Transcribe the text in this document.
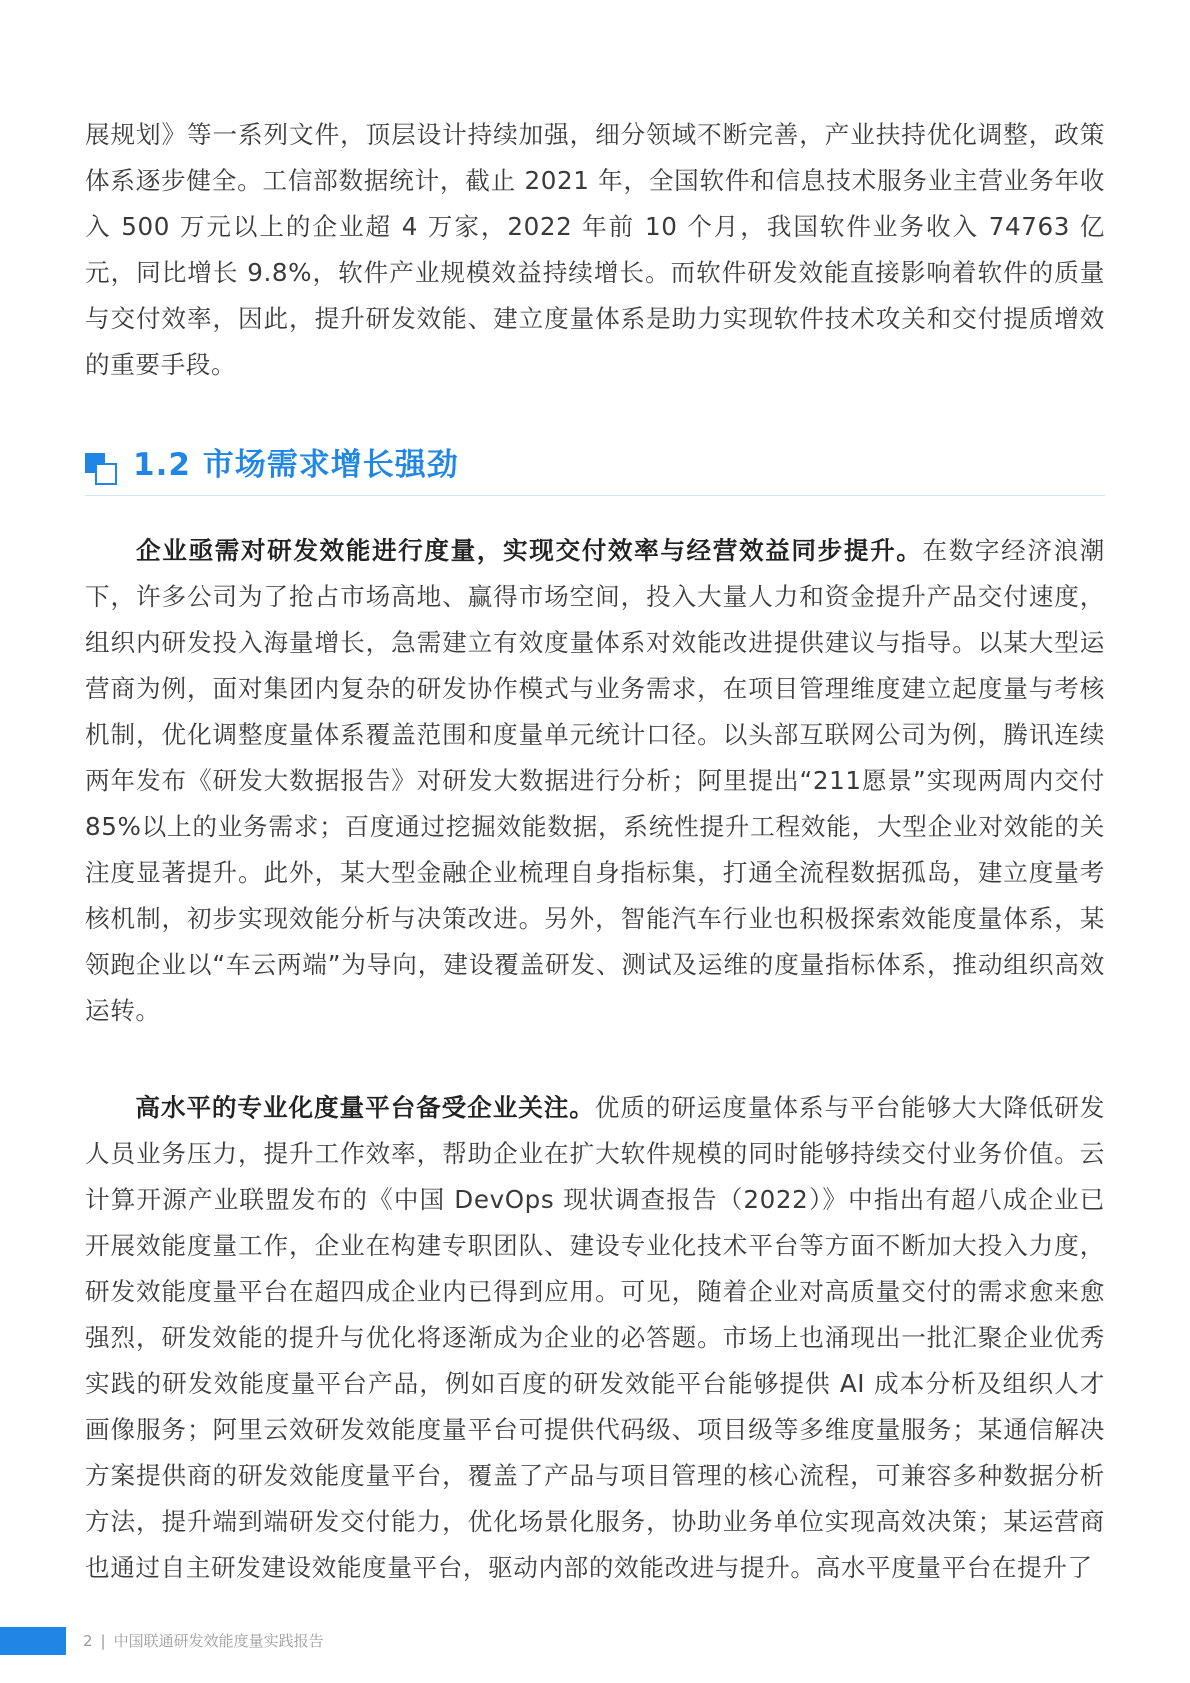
展规划》等一系列文件，顶层设计持续加强，细分领域不断完善，产业扶持优化调整，政策体系逐步健全。工信部数据统计，截止 2021 年，全国软件和信息技术服务业主营业务年收入 500 万元以上的企业超 4 万家，2022 年前 10 个月，我国软件业务收入 74763 亿元，同比增长 9.8%，软件产业规模效益持续增长。而软件研发效能直接影响着软件的质量与交付效率，因此，提升研发效能、建立度量体系是助力实现软件技术攻关和交付提质增效的重要手段。

1.2 市场需求增长强劲

企业亟需对研发效能进行度量，实现交付效率与经营效益同步提升。在数字经济浪潮下，许多公司为了抢占市场高地、赢得市场空间，投入大量人力和资金提升产品交付速度，组织内研发投入海量增长，急需建立有效度量体系对效能改进提供建议与指导。以某大型运营商为例，面对集团内复杂的研发协作模式与业务需求，在项目管理维度建立起度量与考核机制，优化调整度量体系覆盖范围和度量单元统计口径。以头部互联网公司为例，腾讯连续两年发布《研发大数据报告》对研发大数据进行分析；阿里提出“211愿景”实现两周内交付85%以上的业务需求；百度通过挖掘效能数据，系统性提升工程效能，大型企业对效能的关注度显著提升。此外，某大型金融企业梳理自身指标集，打通全流程数据孤岛，建立度量考核机制，初步实现效能分析与决策改进。另外，智能汽车行业也积极探索效能度量体系，某领跑企业以“车云两端”为导向，建设覆盖研发、测试及运维的度量指标体系，推动组织高效运转。

高水平的专业化度量平台备受企业关注。优质的研运度量体系与平台能够大大降低研发人员业务压力，提升工作效率，帮助企业在扩大软件规模的同时能够持续交付业务价值。云计算开源产业联盟发布的《中国 DevOps 现状调查报告（2022）》中指出有超八成企业已开展效能度量工作，企业在构建专职团队、建设专业化技术平台等方面不断加大投入力度，研发效能度量平台在超四成企业内已得到应用。可见，随着企业对高质量交付的需求愈来愈强烈，研发效能的提升与优化将逐渐成为企业的必答题。市场上也涌现出一批汇聚企业优秀实践的研发效能度量平台产品，例如百度的研发效能平台能够提供 AI 成本分析及组织人才画像服务；阿里云效研发效能度量平台可提供代码级、项目级等多维度量服务；某通信解决方案提供商的研发效能度量平台，覆盖了产品与项目管理的核心流程，可兼容多种数据分析方法，提升端到端研发交付能力，优化场景化服务，协助业务单位实现高效决策；某运营商也通过自主研发建设效能度量平台，驱动内部的效能改进与提升。高水平度量平台在提升了

2 | 中国联通研发效能度量实践报告
